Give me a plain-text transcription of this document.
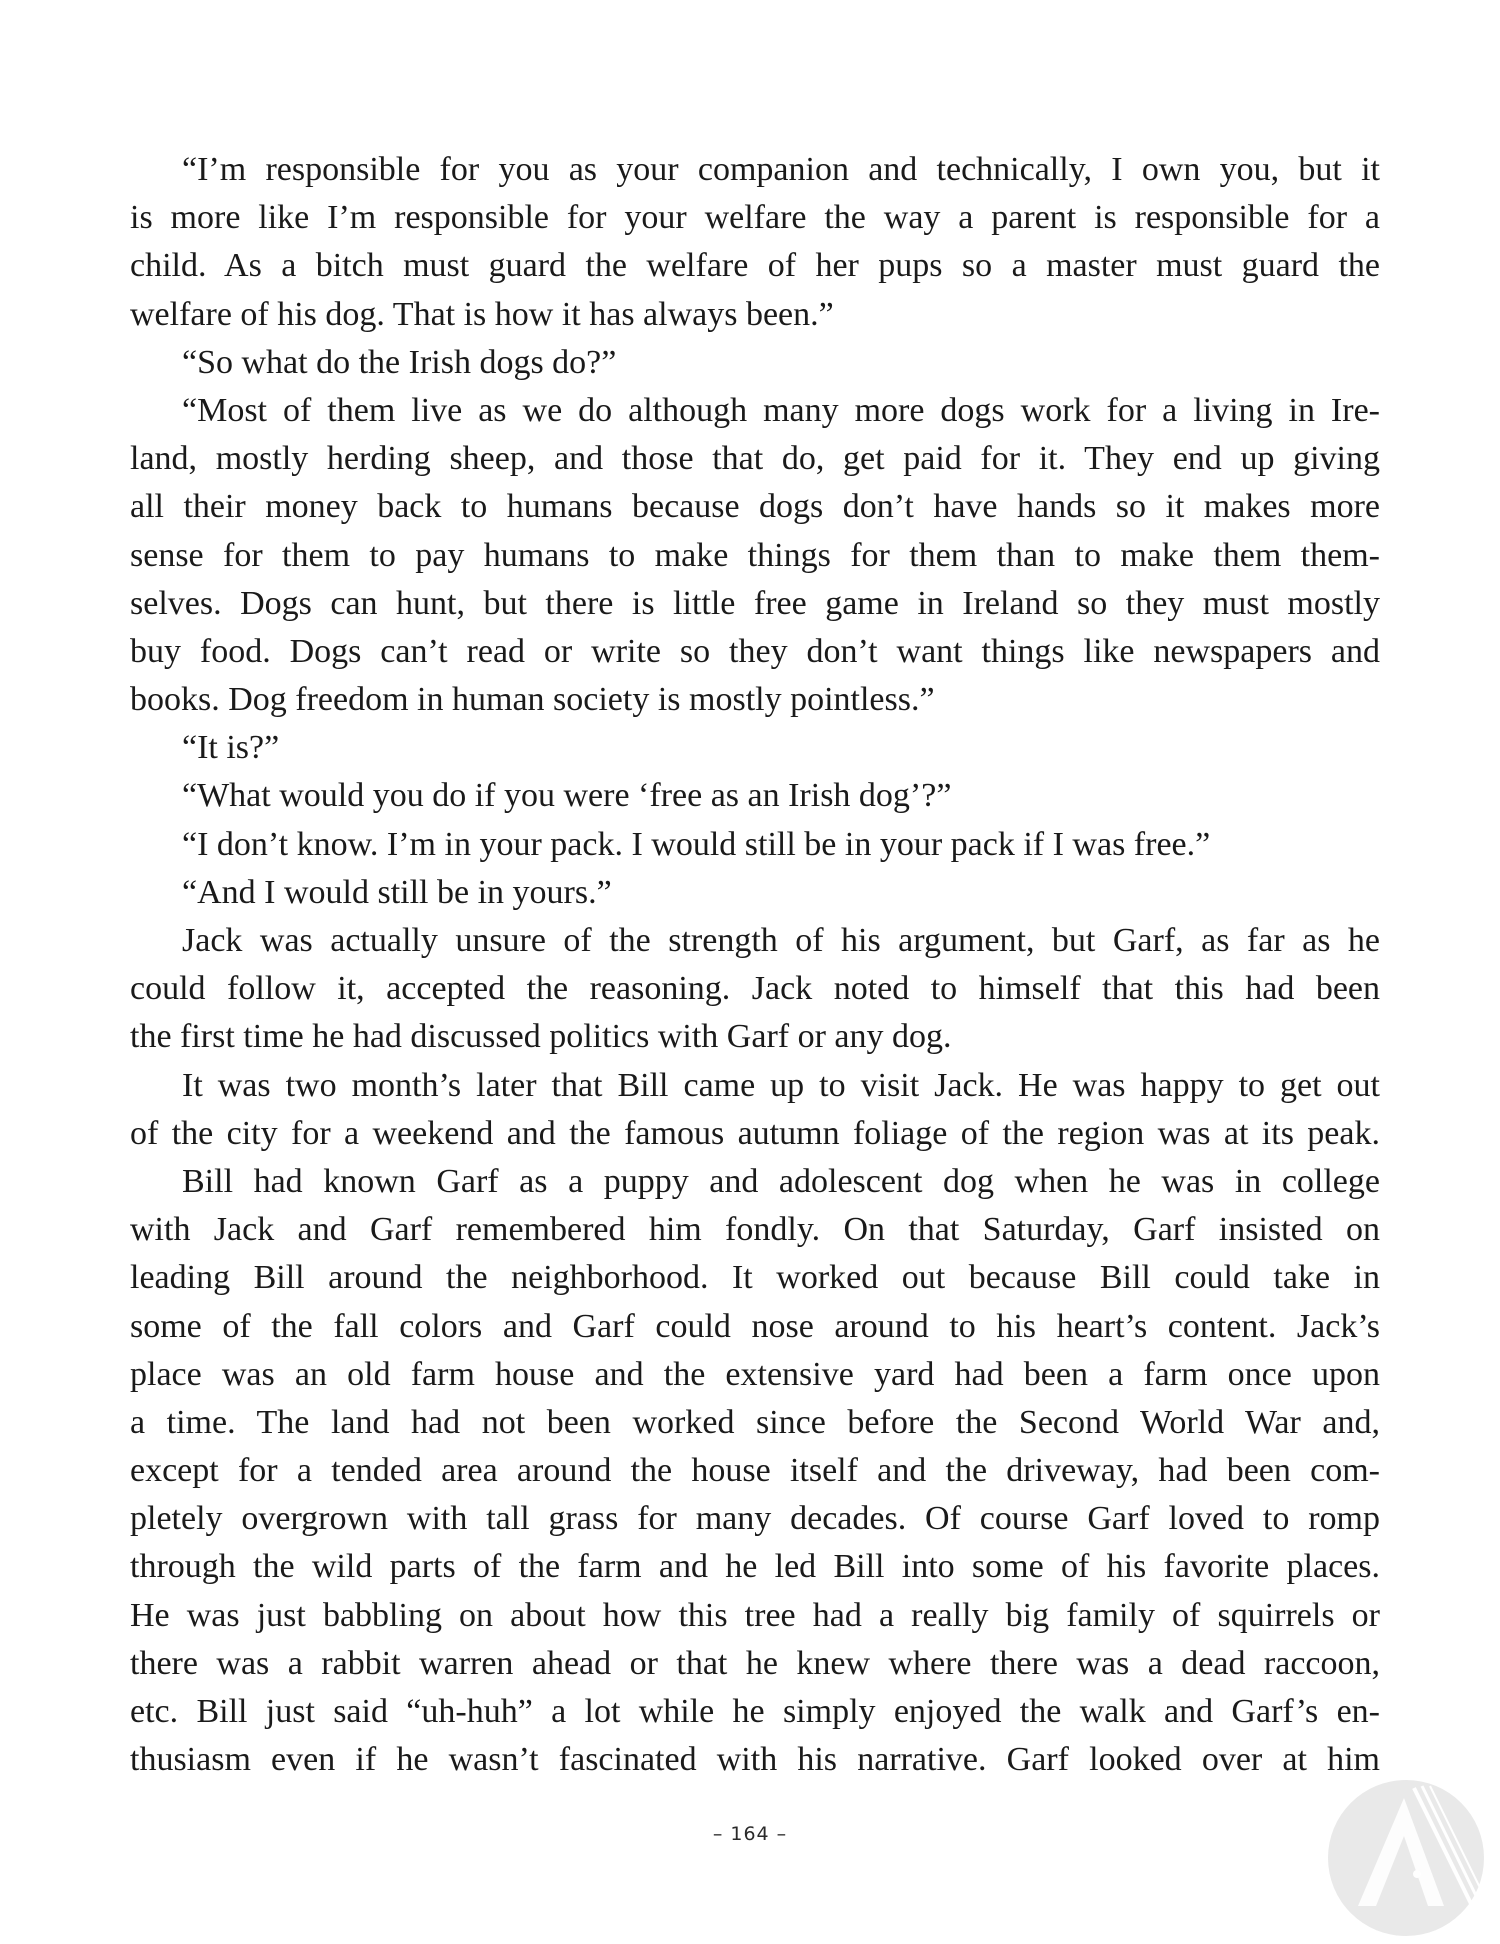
“I’m responsible for you as your companion and technically, I own you, but it
is more like I’m responsible for your welfare the way a parent is responsible for a
child. As a bitch must guard the welfare of her pups so a master must guard the
welfare of his dog. That is how it has always been.”
“So what do the Irish dogs do?”
“Most of them live as we do although many more dogs work for a living in Ire-
land, mostly herding sheep, and those that do, get paid for it. They end up giving
all their money back to humans because dogs don’t have hands so it makes more
sense for them to pay humans to make things for them than to make them them-
selves. Dogs can hunt, but there is little free game in Ireland so they must mostly
buy food. Dogs can’t read or write so they don’t want things like newspapers and
books. Dog freedom in human society is mostly pointless.”
“It is?”
“What would you do if you were ‘free as an Irish dog’?”
“I don’t know. I’m in your pack. I would still be in your pack if I was free.”
“And I would still be in yours.”
Jack was actually unsure of the strength of his argument, but Garf, as far as he
could follow it, accepted the reasoning. Jack noted to himself that this had been
the first time he had discussed politics with Garf or any dog.
It was two month’s later that Bill came up to visit Jack. He was happy to get out
of the city for a weekend and the famous autumn foliage of the region was at its peak.
Bill had known Garf as a puppy and adolescent dog when he was in college
with Jack and Garf remembered him fondly. On that Saturday, Garf insisted on
leading Bill around the neighborhood. It worked out because Bill could take in
some of the fall colors and Garf could nose around to his heart’s content. Jack’s
place was an old farm house and the extensive yard had been a farm once upon
a time. The land had not been worked since before the Second World War and,
except for a tended area around the house itself and the driveway, had been com-
pletely overgrown with tall grass for many decades. Of course Garf loved to romp
through the wild parts of the farm and he led Bill into some of his favorite places.
He was just babbling on about how this tree had a really big family of squirrels or
there was a rabbit warren ahead or that he knew where there was a dead raccoon,
etc. Bill just said “uh-huh” a lot while he simply enjoyed the walk and Garf’s en-
thusiasm even if he wasn’t fascinated with his narrative. Garf looked over at him
– 164 –
